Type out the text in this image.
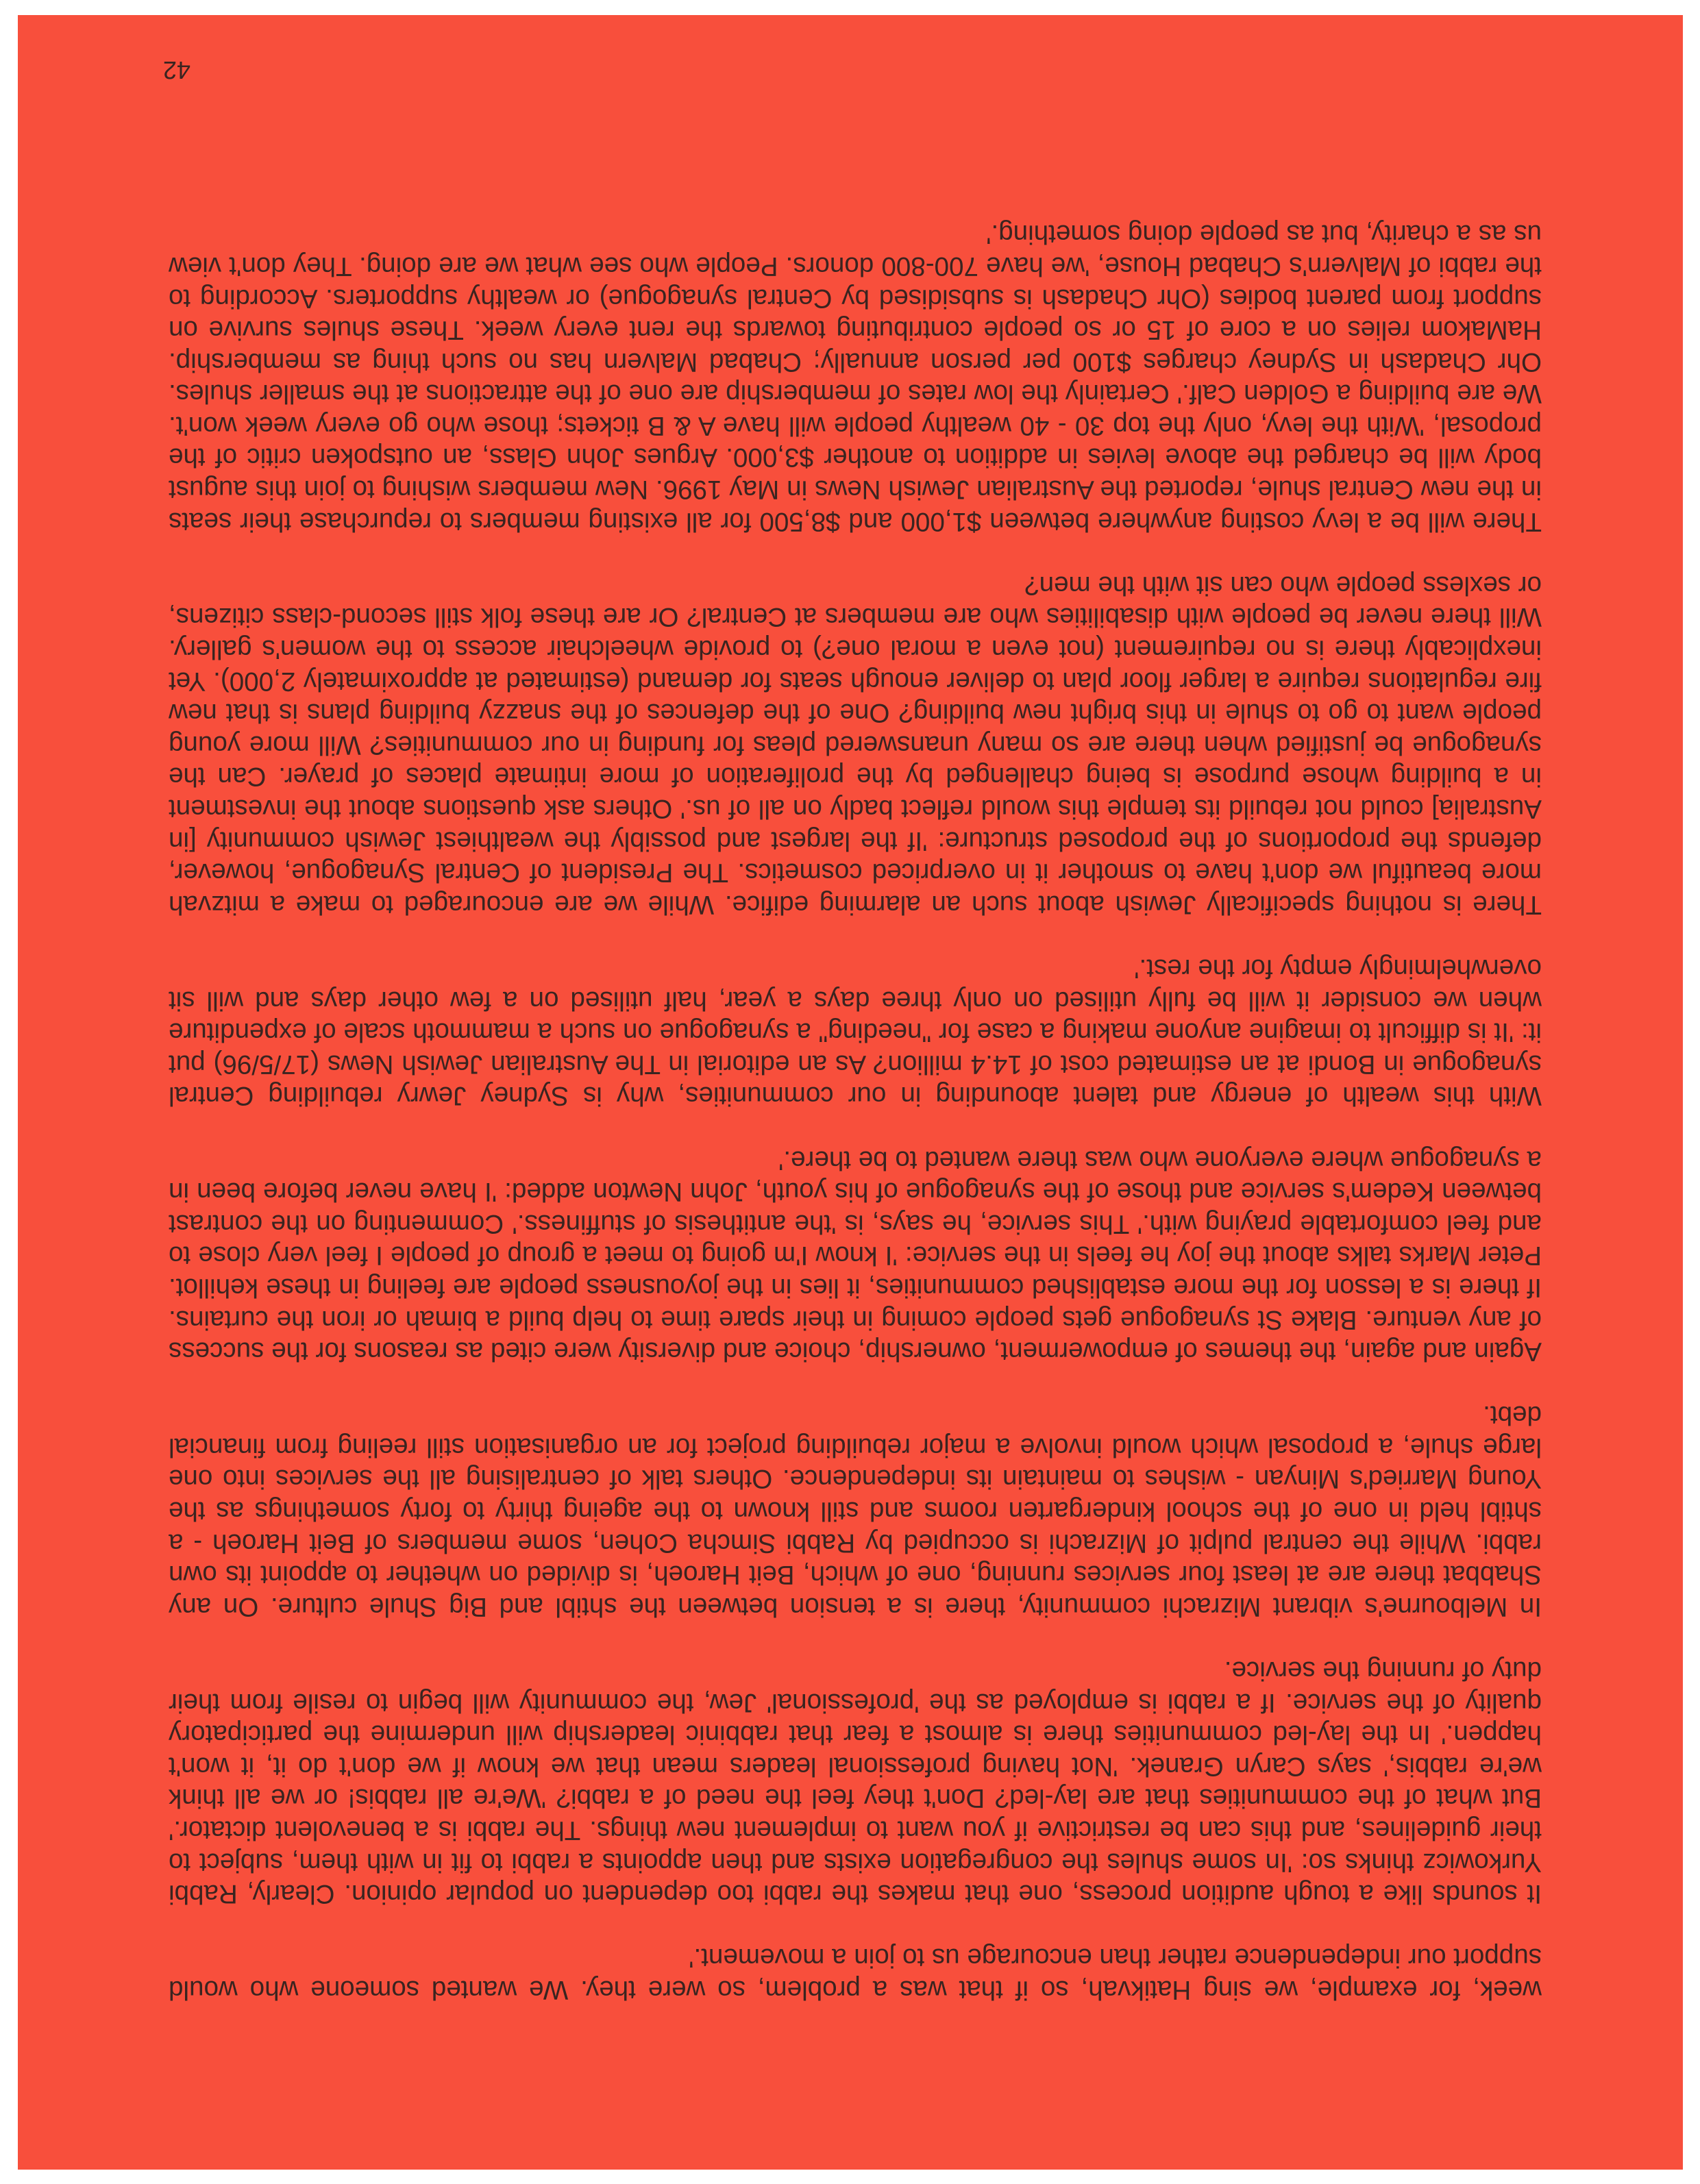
week, for example, we sing Hatikvah, so if that was a problem, so were they. We wanted someone who would support our independence rather than encourage us to join a movement.'

It sounds like a tough audition process, one that makes the rabbi too dependent on popular opinion. Clearly, Rabbi Yurkowicz thinks so: 'In some shules the congregation exists and then appoints a rabbi to fit in with them, subject to their guidelines, and this can be restrictive if you want to implement new things. The rabbi is a benevolent dictator.' But what of the communities that are lay-led? Don't they feel the need of a rabbi? 'We're all rabbis! or we all think we're rabbis,' says Caryn Granek. 'Not having professional leaders mean that we know if we don't do it, it won't happen.' In the lay-led communities there is almost a fear that rabbinic leadership will undermine the participatory quality of the service. If a rabbi is employed as the 'professional' Jew, the community will begin to resile from their duty of running the service.

In Melbourne's vibrant Mizrachi community, there is a tension between the shtibl and Big Shule culture. On any Shabbat there are at least four services running, one of which, Beit Haroeh, is divided on whether to appoint its own rabbi. While the central pulpit of Mizrachi is occupied by Rabbi Simcha Cohen, some members of Beit Haroeh - a shtibl held in one of the school kindergarten rooms and still known to the ageing thirty to forty somethings as the Young Married's Minyan - wishes to maintain its independence. Others talk of centralising all the services into one large shule, a proposal which would involve a major rebuilding project for an organisation still reeling from financial debt.

Again and again, the themes of empowerment, ownership, choice and diversity were cited as reasons for the success of any venture. Blake St synagogue gets people coming in their spare time to help build a bimah or iron the curtains. If there is a lesson for the more established communities, it lies in the joyousness people are feeling in these kehillot. Peter Marks talks about the joy he feels in the service: 'I know I'm going to meet a group of people I feel very close to and feel comfortable praying with.' This service, he says, is 'the antithesis of stuffiness.' Commenting on the contrast between Kedem's service and those of the synagogue of his youth, John Newton added: 'I have never before been in a synagogue where everyone who was there wanted to be there.'

With this wealth of energy and talent abounding in our communities, why is Sydney Jewry rebuilding Central synagogue in Bondi at an estimated cost of 14.4 million? As an editorial in The Australian Jewish News (17/5/96) put it: 'It is difficult to imagine anyone making a case for "needing" a synagogue on such a mammoth scale of expenditure when we consider it will be fully utilised on only three days a year, half utilised on a few other days and will sit overwhelmingly empty for the rest.'

There is nothing specifically Jewish about such an alarming edifice. While we are encouraged to make a mitzvah more beautiful we don't have to smother it in overpriced cosmetics. The President of Central Synagogue, however, defends the proportions of the proposed structure: 'If the largest and possibly the wealthiest Jewish community [in Australia] could not rebuild its temple this would reflect badly on all of us.' Others ask questions about the investment in a building whose purpose is being challenged by the proliferation of more intimate places of prayer. Can the synagogue be justified when there are so many unanswered pleas for funding in our communities? Will more young people want to go to shule in this bright new building? One of the defences of the snazzy building plans is that new fire regulations require a larger floor plan to deliver enough seats for demand (estimated at approximately 2,000). Yet inexplicably there is no requirement (not even a moral one?) to provide wheelchair access to the women's gallery. Will there never be people with disabilities who are members at Central? Or are these folk still second-class citizens, or sexless people who can sit with the men?

There will be a levy costing anywhere between $1,000 and $8,500 for all existing members to repurchase their seats in the new Central shule, reported the Australian Jewish News in May 1996. New members wishing to join this august body will be charged the above levies in addition to another $3,000. Argues John Glass, an outspoken critic of the proposal, 'With the levy, only the top 30 - 40 wealthy people will have A & B tickets; those who go every week won't. We are building a Golden Calf.' Certainly the low rates of membership are one of the attractions at the smaller shules. Ohr Chadash in Sydney charges $100 per person annually; Chabad Malvern has no such thing as membership. HaMakom relies on a core of 15 or so people contributing towards the rent every week. These shules survive on support from parent bodies (Ohr Chadash is subsidised by Central synagogue) or wealthy supporters. According to the rabbi of Malvern's Chabad House, 'we have 700-800 donors. People who see what we are doing. They don't view us as a charity, but as people doing something.'

42
